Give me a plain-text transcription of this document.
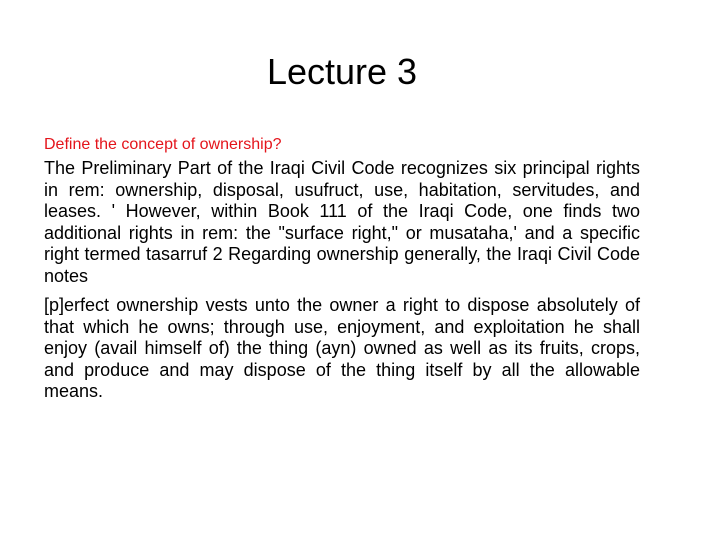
Lecture 3

Define the concept of ownership?

The Preliminary Part of the Iraqi Civil Code recognizes six principal rights in rem: ownership, disposal, usufruct, use, habitation, servitudes, and leases. ' However, within Book 111 of the Iraqi Code, one finds two additional rights in rem: the "surface right," or musataha,' and a specific right termed tasarruf 2 Regarding ownership generally, the Iraqi Civil Code notes

[p]erfect ownership vests unto the owner a right to dispose absolutely of that which he owns; through use, enjoyment, and exploitation he shall enjoy (avail himself of) the thing (ayn) owned as well as its fruits, crops, and produce and may dispose of the thing itself by all the allowable means.
